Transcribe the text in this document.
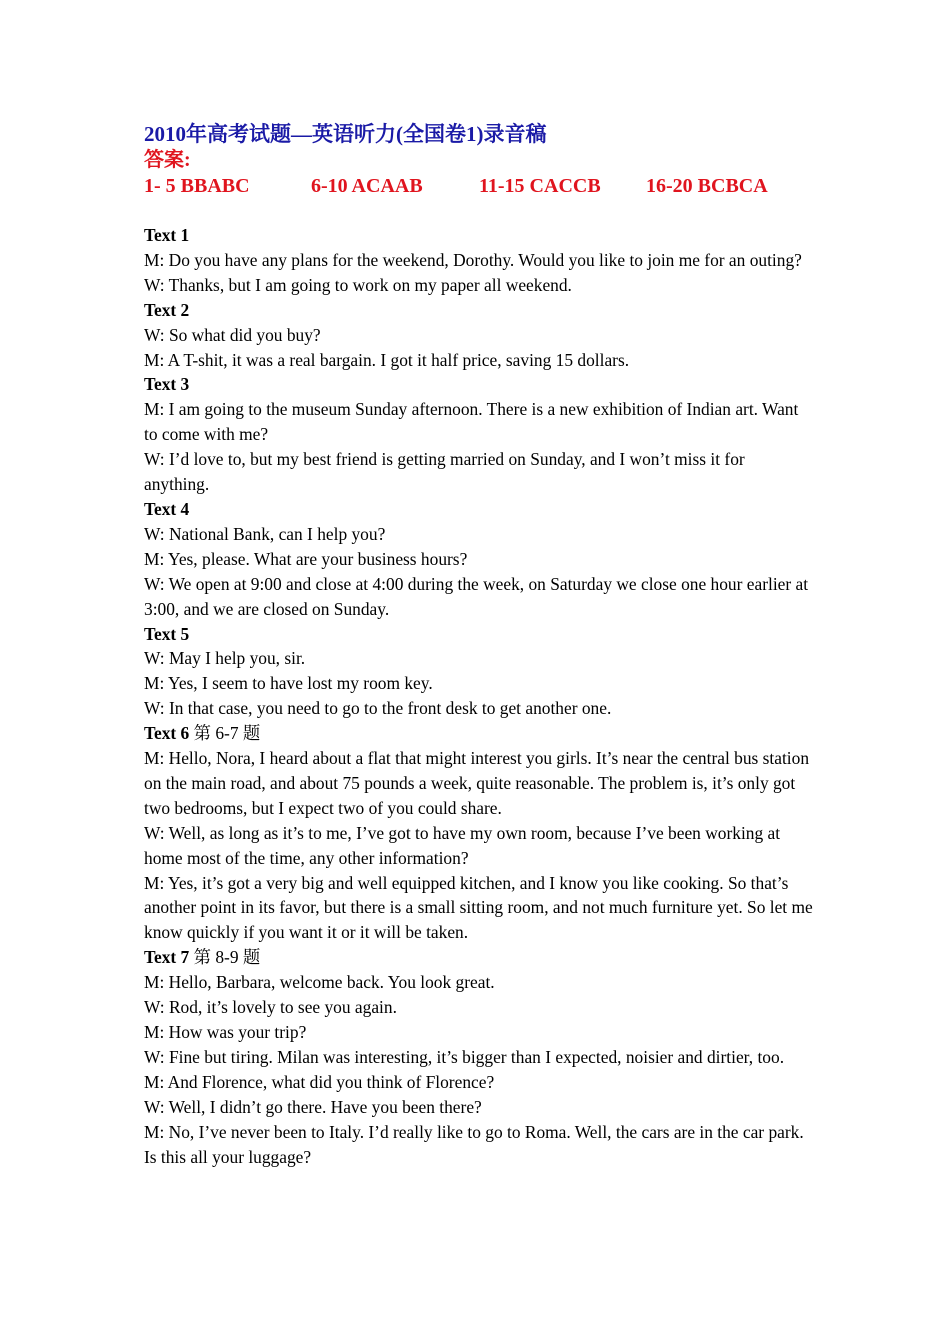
2010年高考试题—英语听力(全国卷1)录音稿

答案:

1- 5 BBABC	6-10 ACAAB	11-15 CACCB 16-20 BCBCA

Text 1

M: Do you have any plans for the weekend, Dorothy. Would you like to join me for an outing?

W: Thanks, but I am going to work on my paper all weekend.

Text 2

W: So what did you buy?

M: A T-shit, it was a real bargain. I got it half price, saving 15 dollars.

Text 3

M: I am going to the museum Sunday afternoon. There is a new exhibition of Indian art. Want to come with me?

W: I’d love to, but my best friend is getting married on Sunday, and I won’t miss it for anything.

Text 4

W: National Bank, can I help you?

M: Yes, please. What are your business hours?

W: We open at 9:00 and close at 4:00 during the week, on Saturday we close one hour earlier at 3:00, and we are closed on Sunday.

Text 5

W: May I help you, sir.

M: Yes, I seem to have lost my room key.

W: In that case, you need to go to the front desk to get another one.

Text 6 第 6-7 题

M: Hello, Nora, I heard about a flat that might interest you girls. It’s near the central bus station on the main road, and about 75 pounds a week, quite reasonable. The problem is, it’s only got two bedrooms, but I expect two of you could share.

W: Well, as long as it’s to me, I’ve got to have my own room, because I’ve been working at home most of the time, any other information?

M: Yes, it’s got a very big and well equipped kitchen, and I know you like cooking. So that’s another point in its favor, but there is a small sitting room, and not much furniture yet. So let me know quickly if you want it or it will be taken.

Text 7 第 8-9 题

M: Hello, Barbara, welcome back. You look great.

W: Rod, it’s lovely to see you again.

M: How was your trip?

W: Fine but tiring. Milan was interesting, it’s bigger than I expected, noisier and dirtier, too.

M: And Florence, what did you think of Florence?

W: Well, I didn’t go there. Have you been there?

M: No, I’ve never been to Italy. I’d really like to go to Roma. Well, the cars are in the car park. Is this all your luggage?
